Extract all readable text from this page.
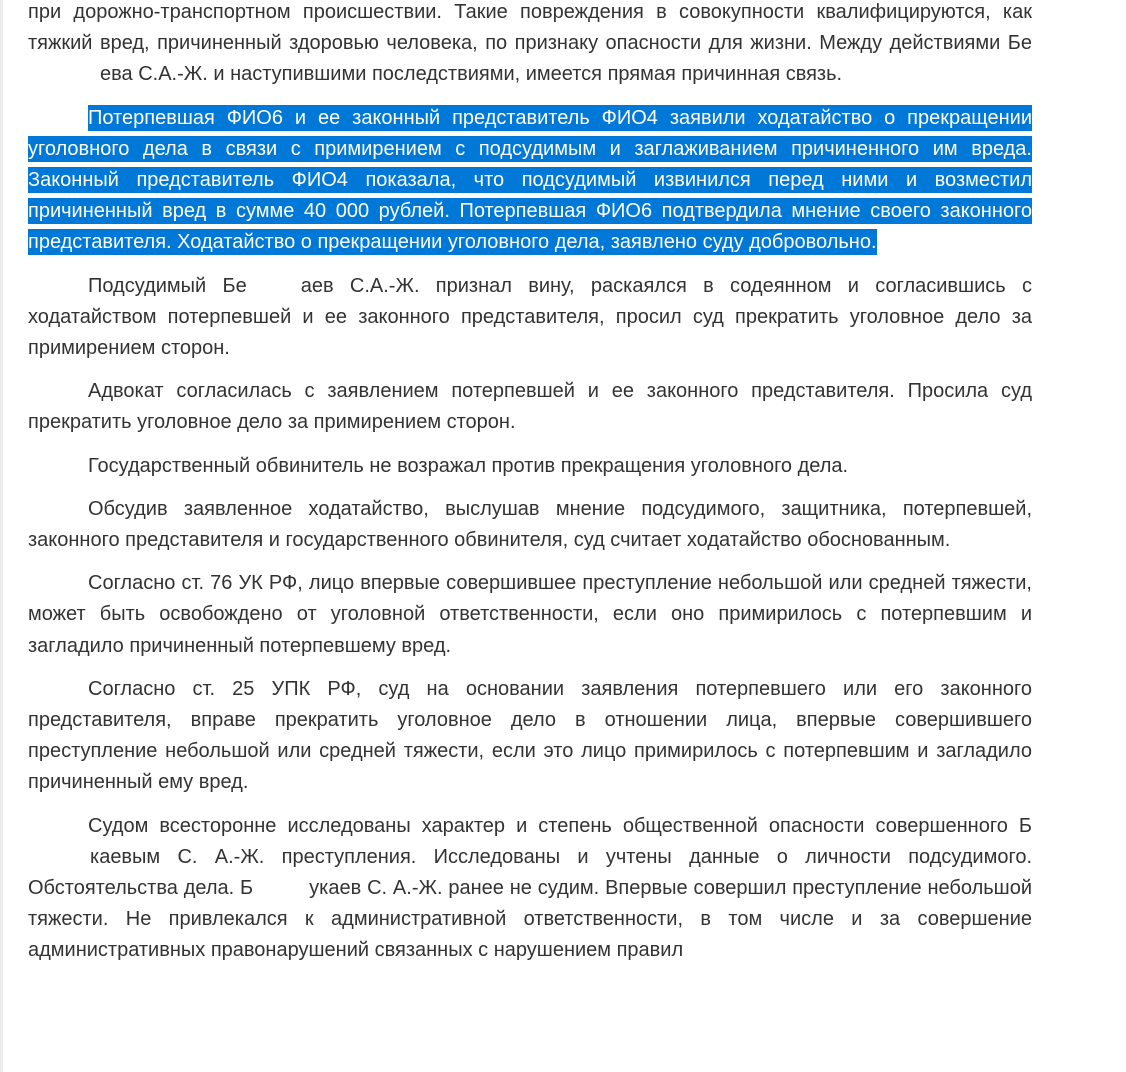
при дорожно-транспортном происшествии. Такие повреждения в совокупности квалифицируются, как тяжкий вред, причиненный здоровью человека, по признаку опасности для жизни. Между действиями Бе ева С.А.-Ж. и наступившими последствиями, имеется прямая причинная связь.

Потерпевшая ФИО6 и ее законный представитель ФИО4 заявили ходатайство о прекращении уголовного дела в связи с примирением с подсудимым и заглаживанием причиненного им вреда. Законный представитель ФИО4 показала, что подсудимый извинился перед ними и возместил причиненный вред в сумме 40 000 рублей. Потерпевшая ФИО6 подтвердила мнение своего законного представителя. Ходатайство о прекращении уголовного дела, заявлено суду добровольно.

Подсудимый Бе	аев С.А.-Ж. признал вину, раскаялся в содеянном и согласившись с ходатайством потерпевшей и ее законного представителя, просил суд прекратить уголовное дело за примирением сторон.

Адвокат согласилась с заявлением потерпевшей и ее законного представителя. Просила суд прекратить уголовное дело за примирением сторон.

Государственный обвинитель не возражал против прекращения уголовного дела.

Обсудив заявленное ходатайство, выслушав мнение подсудимого, защитника, потерпевшей, законного представителя и государственного обвинителя, суд считает ходатайство обоснованным.

Согласно ст. 76 УК РФ, лицо впервые совершившее преступление небольшой или средней тяжести, может быть освобождено от уголовной ответственности, если оно примирилось с потерпевшим и загладило причиненный потерпевшему вред.

Согласно ст. 25 УПК РФ, суд на основании заявления потерпевшего или его законного представителя, вправе прекратить уголовное дело в отношении лица, впервые совершившего преступление небольшой или средней тяжести, если это лицо примирилось с потерпевшим и загладило причиненный ему вред.

Судом всесторонне исследованы характер и степень общественной опасности совершенного Б каевым С. А.-Ж. преступления. Исследованы и учтены данные о личности подсудимого. Обстоятельства дела. Б	укаев С. А.-Ж. ранее не судим. Впервые совершил преступление небольшой тяжести. Не привлекался к административной ответственности, в том числе и за совершение административных правонарушений связанных с нарушением правил
